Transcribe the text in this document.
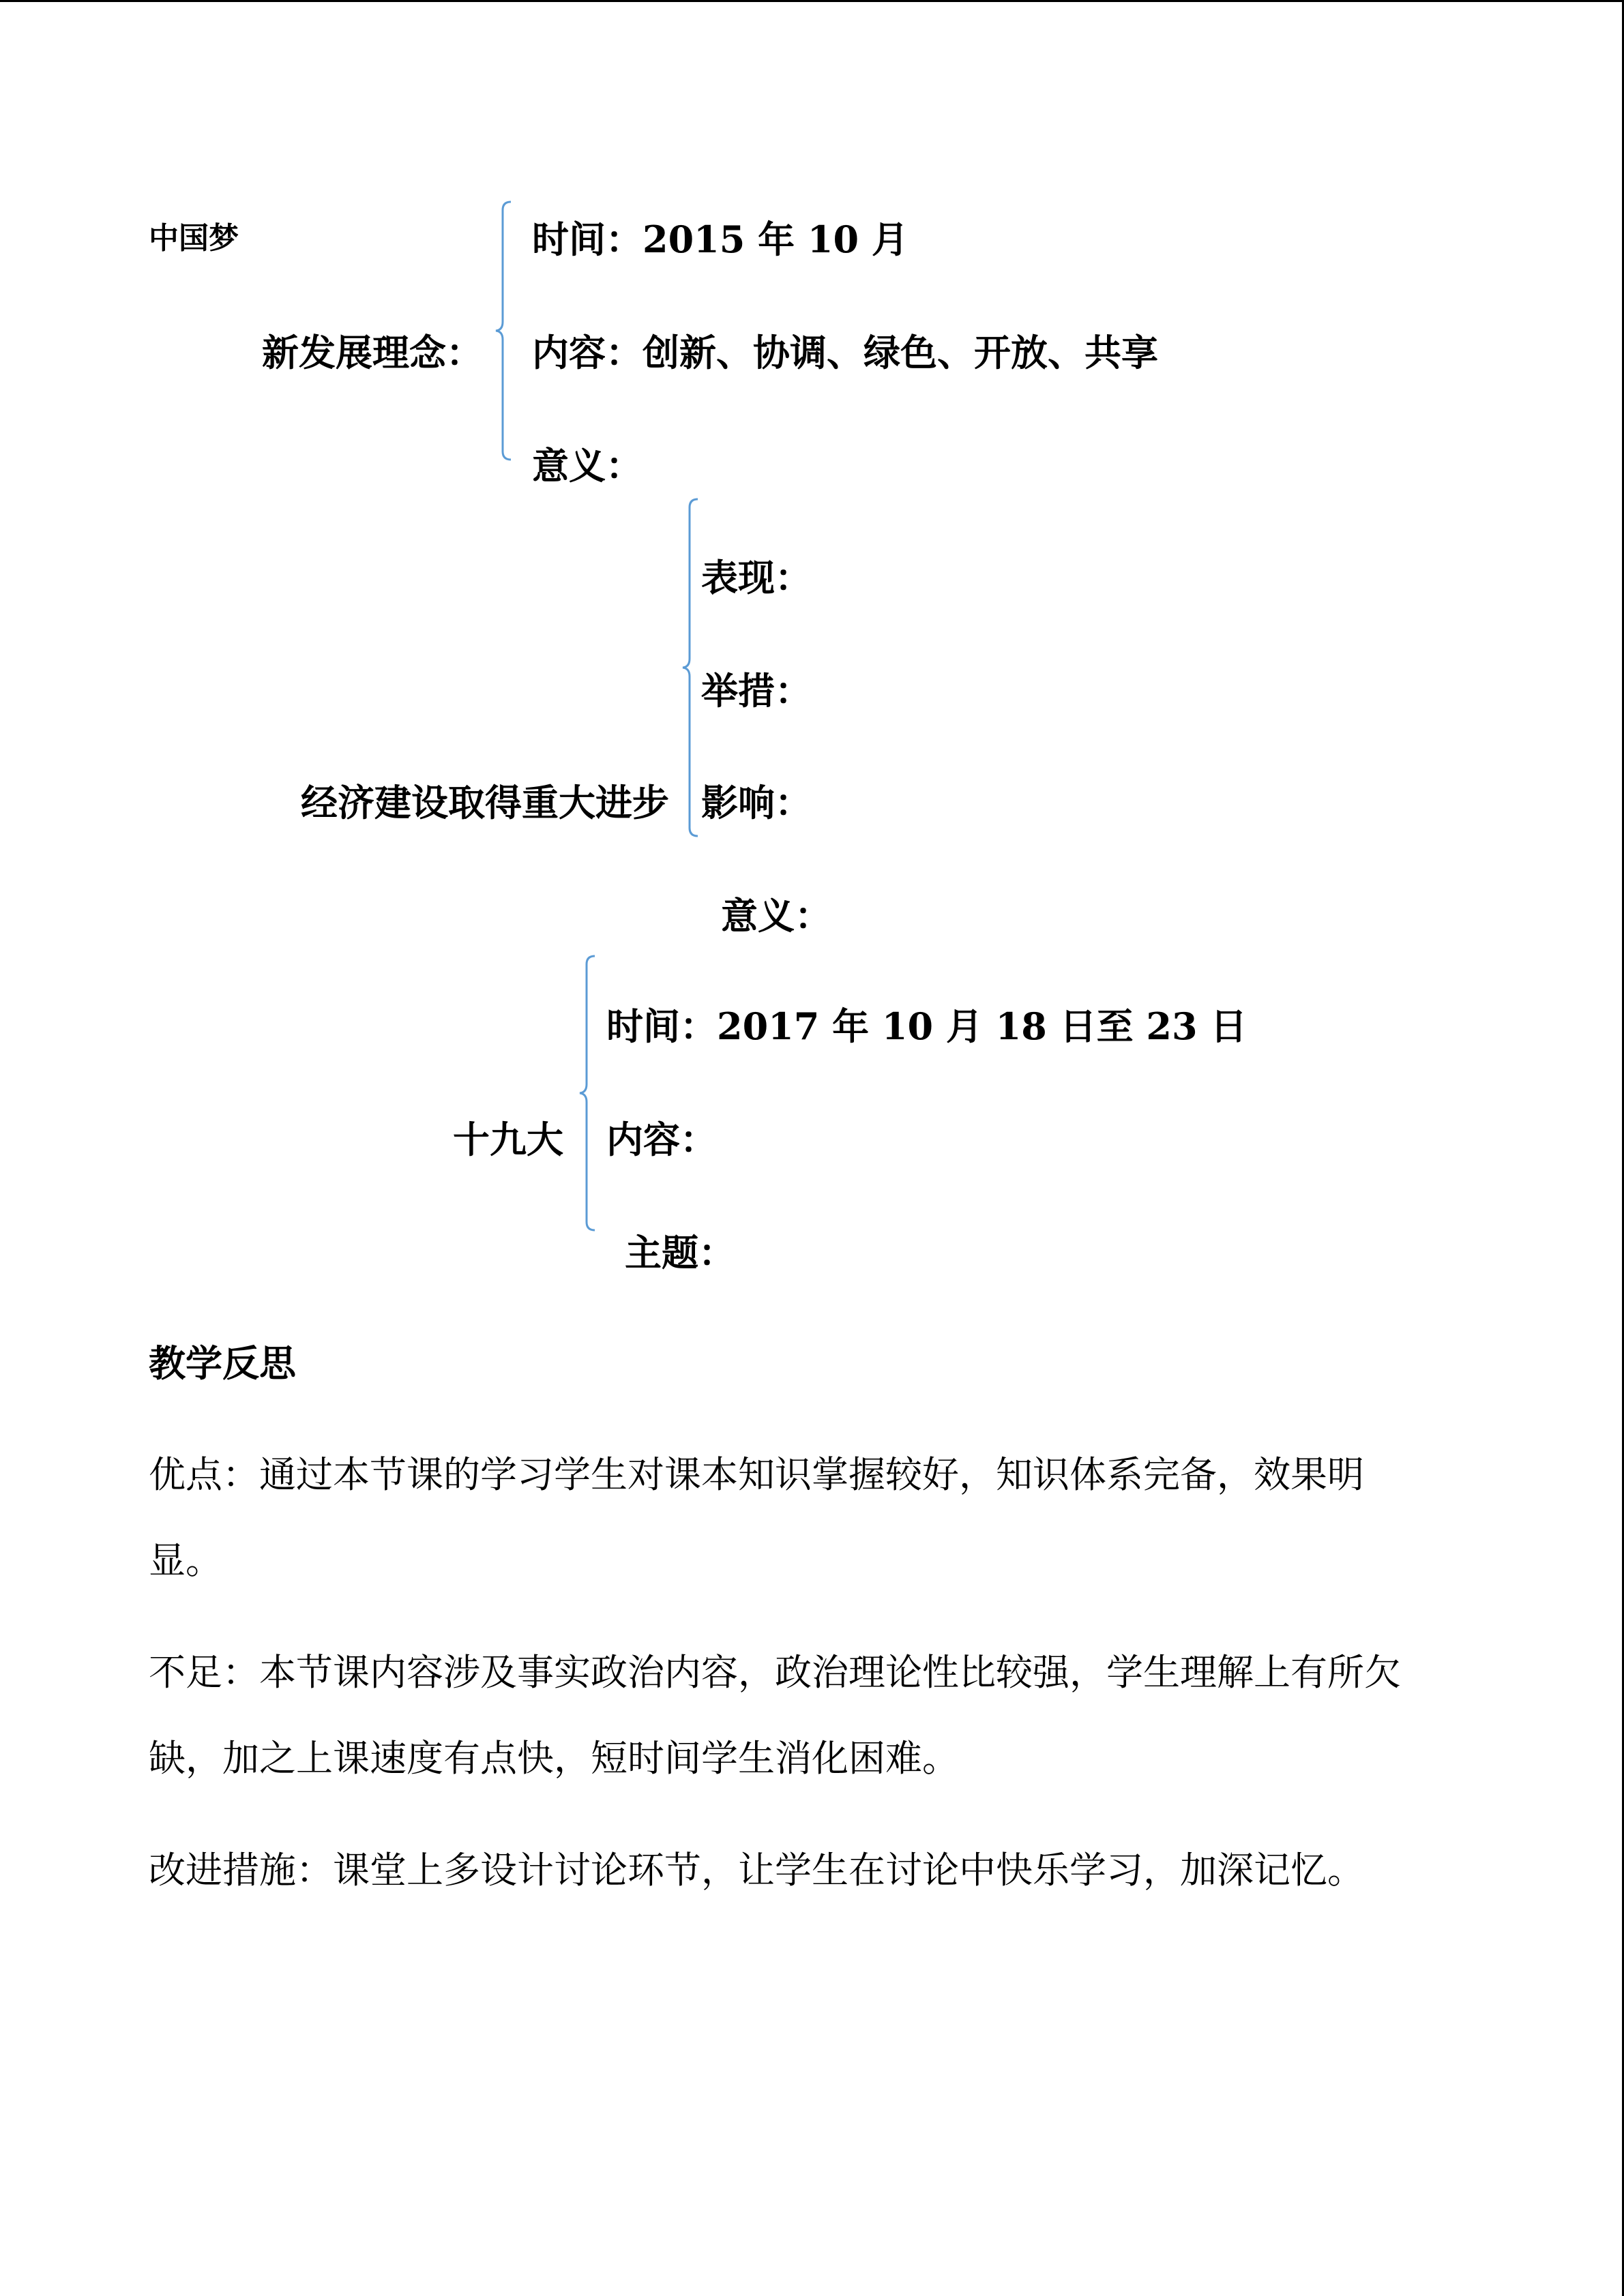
中国梦
新发展理念：
时间：2015 年 10 月
内容：创新、协调、绿色、开放、共享
意义：
表现：
举措：
经济建设取得重大进步 影响：
意义：
时间：2017 年 10 月 18 日至 23 日
十九大 内容：
主题：
教学反思
优点：通过本节课的学习学生对课本知识掌握较好，知识体系完备，效果明
显。
不足：本节课内容涉及事实政治内容，政治理论性比较强，学生理解上有所欠
缺，加之上课速度有点快，短时间学生消化困难。
改进措施：课堂上多设计讨论环节，让学生在讨论中快乐学习，加深记忆。
